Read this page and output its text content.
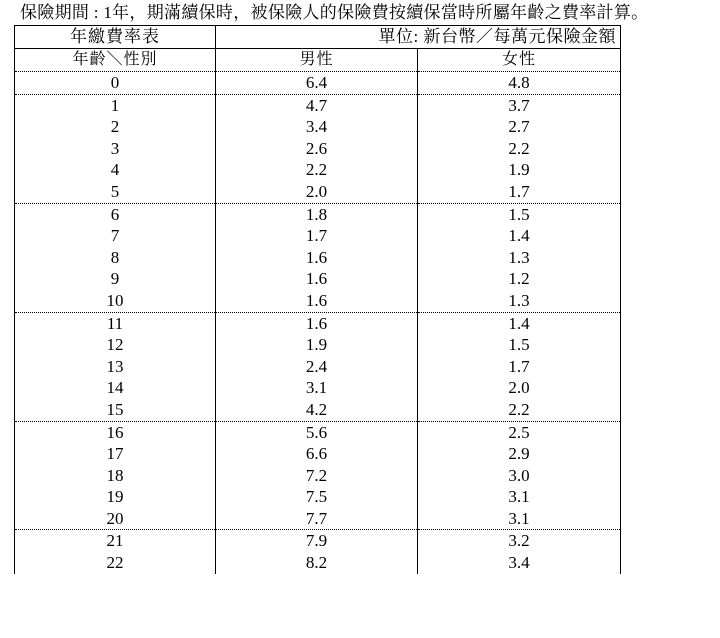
保險期間 : 1年，期滿續保時，被保險人的保險費按續保當時所屬年齡之費率計算。
年繳費率表	單位: 新台幣／每萬元保險金額	
年齡＼性別	男性	女性
0	6.4	4.8
1	4.7	3.7
2	3.4	2.7
3	2.6	2.2
4	2.2	1.9
5	2.0	1.7
6	1.8	1.5
7	1.7	1.4
8	1.6	1.3
9	1.6	1.2
10	1.6	1.3
11	1.6	1.4
12	1.9	1.5
13	2.4	1.7
14	3.1	2.0
15	4.2	2.2
16	5.6	2.5
17	6.6	2.9
18	7.2	3.0
19	7.5	3.1
20	7.7	3.1
21	7.9	3.2
22	8.2	3.4
